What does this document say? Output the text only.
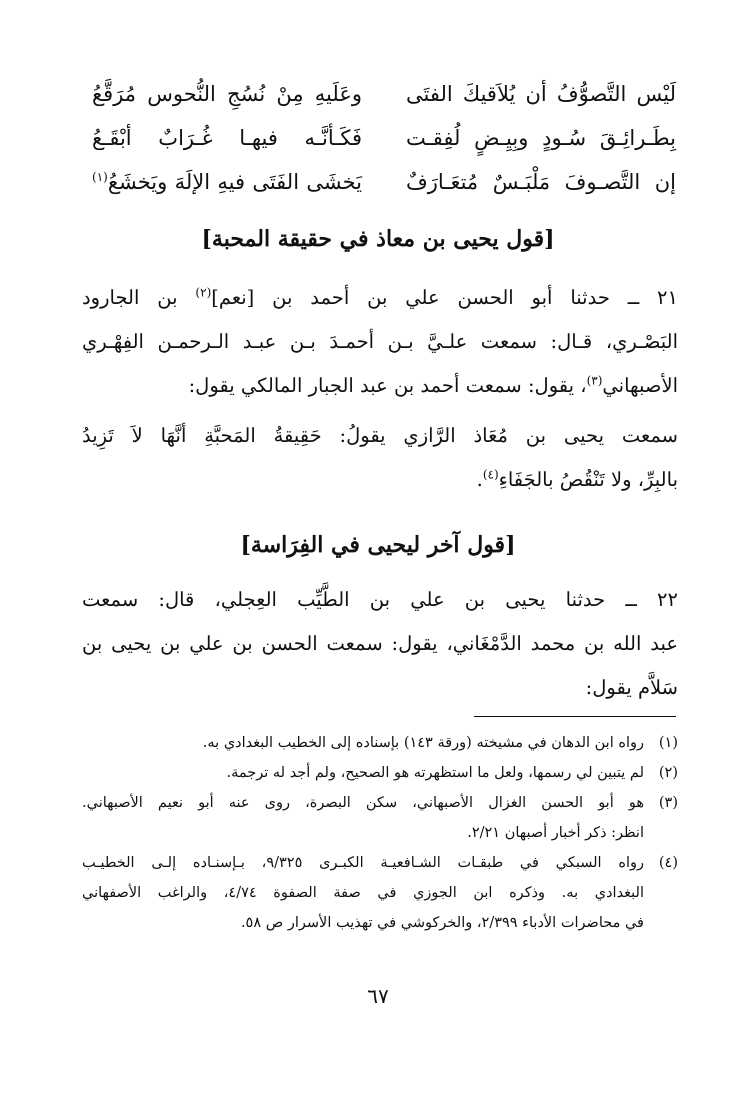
لَيْس التَّصوُّفُ أن يُلاَقيكَ الفتَى
وعَلَيهِ مِنْ نُسُجِ النُّحوس مُرَقَّعُ
بِطَـرائِـقَ سُـودٍ وبِيِـضٍ لُفِقـت
فَكَـأنَّـه فيهـا غُـرَابٌ أبْقَـعُ
إن التَّصـوفَ مَلْبَـسٌ مُتعَـارَفٌ
يَخشَى الفَتَى فيهِ الإلَهَ ويَخشَعُ$^{(١)}$
[قول يحيى بن معاذ في حقيقة المحبة]
٢١ ــ حدثنا أبو الحسن علي بن أحمد بن [نعم]$^{(٢)}$ بن الجارود
البَصْـري، قـال: سمعت علـيَّ بـن أحمـدَ بـن عبـد الـرحمـن الفِهْـري
الأصبهاني$^{(٣)}$، يقول: سمعت أحمد بن عبد الجبار المالكي يقول:
سمعت يحيى بن مُعَاذ الرَّازي يقولُ: حَقِيقةُ المَحبَّةِ أنَّهَا لاَ تَزِيدُ
بالبِرِّ، ولا تَنْقُصُ بالجَفَاءِ$^{(٤)}$.
[قول آخر ليحيى في الفِرَاسة]
٢٢ ــ حدثنا يحيى بن علي بن الطَّيِّب العِجلي، قال: سمعت
عبد الله بن محمد الدَّمْغَاني، يقول: سمعت الحسن بن علي بن يحيى بن
سَلاَّم يقول:
(١)
رواه ابن الدهان في مشيخته (ورقة ١٤٣) بإسناده إلى الخطيب البغدادي به.
(٢)
لم يتبين لي رسمها، ولعل ما استظهرته هو الصحيح، ولم أجد له ترجمة.
(٣)
هو أبو الحسن الغزال الأصبهاني، سكن البصرة، روى عنه أبو نعيم الأصبهاني.
انظر: ذكر أخبار أصبهان ٢/٢١.
(٤)
رواه السبكي في طبقـات الشـافعيـة الكبـرى ٩/٣٢٥، بـإسنـاده إلـى الخطيـب
البغدادي به. وذكره ابن الجوزي في صفة الصفوة ٤/٧٤، والراغب الأصفهاني
في محاضرات الأدباء ٢/٣٩٩، والخركوشي في تهذيب الأسرار ص ٥٨.
٦٧
